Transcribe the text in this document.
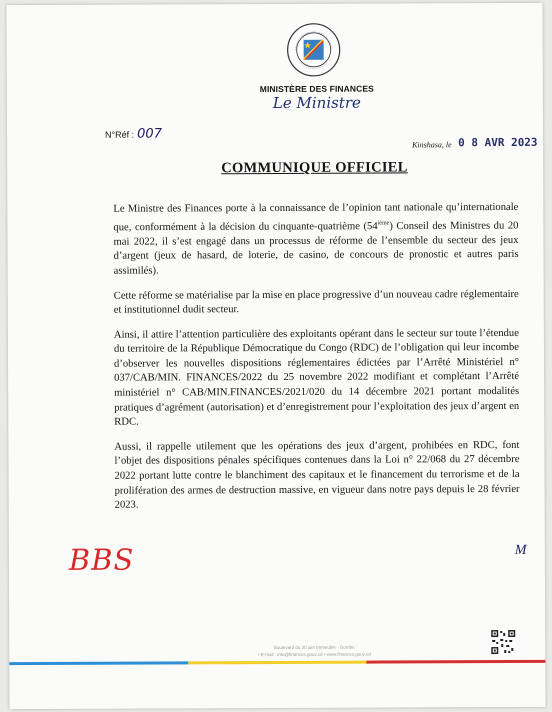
MINISTÈRE DES FINANCES
Le Ministre
N°Réf : 007
Kinshasa, le 0 8 AVR 2023
COMMUNIQUE OFFICIEL

Le Ministre des Finances porte à la connaissance de l’opinion tant nationale qu’internationale que, conformément à la décision du cinquante-quatrième (54ième) Conseil des Ministres du 20 mai 2022, il s’est engagé dans un processus de réforme de l’ensemble du secteur des jeux d’argent (jeux de hasard, de loterie, de casino, de concours de pronostic et autres paris assimilés).

Cette réforme se matérialise par la mise en place progressive d’un nouveau cadre réglementaire et institutionnel dudit secteur.

Ainsi, il attire l’attention particulière des exploitants opérant dans le secteur sur toute l’étendue du territoire de la République Démocratique du Congo (RDC) de l’obligation qui leur incombe d’observer les nouvelles dispositions réglementaires édictées par l’Arrêté Ministériel n° 037/CAB/MIN. FINANCES/2022 du 25 novembre 2022 modifiant et complétant l’Arrêté ministériel n° CAB/MIN.FINANCES/2021/020 du 14 décembre 2021 portant modalités pratiques d’agrément (autorisation) et d’enregistrement pour l’exploitation des jeux d’argent en RDC.

Aussi, il rappelle utilement que les opérations des jeux d’argent, prohibées en RDC, font l’objet des dispositions pénales spécifiques contenues dans la Loi n° 22/068 du 27 décembre 2022 portant lutte contre le blanchiment des capitaux et le financement du terrorisme et de la prolifération des armes de destruction massive, en vigueur dans notre pays depuis le 28 février 2023.

BBS	M
Boulevard du 30 juin Immeuble · Gombe
• E-mail : info@finances.gouv.cd • www.finances.gouv.cd
